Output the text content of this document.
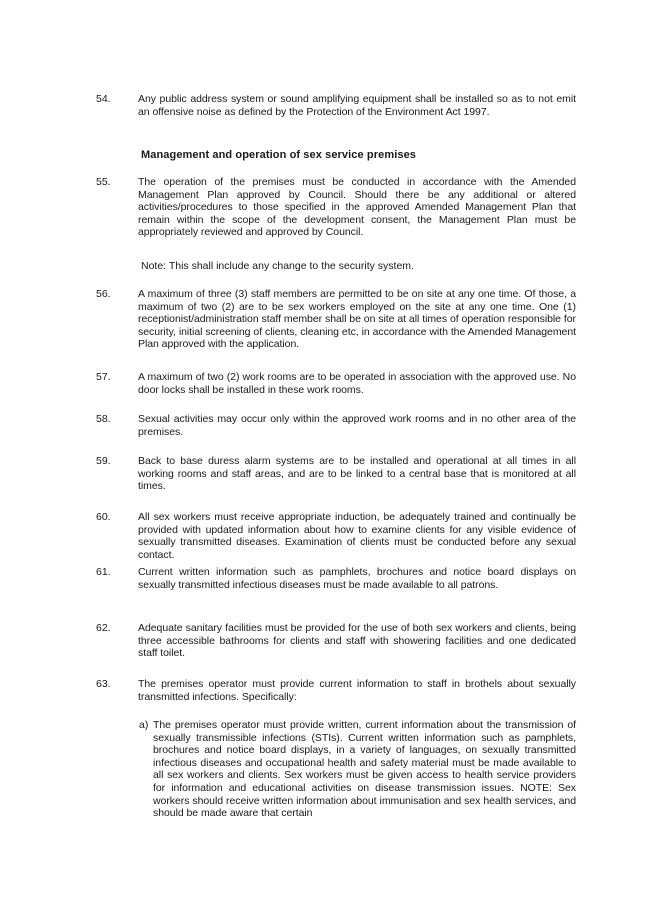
54.	Any public address system or sound amplifying equipment shall be installed so as to not emit an offensive noise as defined by the Protection of the Environment Act 1997.
Management and operation of sex service premises
55.	The operation of the premises must be conducted in accordance with the Amended Management Plan approved by Council. Should there be any additional or altered activities/procedures to those specified in the approved Amended Management Plan that remain within the scope of the development consent, the Management Plan must be appropriately reviewed and approved by Council.
Note: This shall include any change to the security system.
56.	A maximum of three (3) staff members are permitted to be on site at any one time. Of those, a maximum of two (2) are to be sex workers employed on the site at any one time. One (1) receptionist/administration staff member shall be on site at all times of operation responsible for security, initial screening of clients, cleaning etc, in accordance with the Amended Management Plan approved with the application.
57.	A maximum of two (2) work rooms are to be operated in association with the approved use. No door locks shall be installed in these work rooms.
58.	Sexual activities may occur only within the approved work rooms and in no other area of the premises.
59.	Back to base duress alarm systems are to be installed and operational at all times in all working rooms and staff areas, and are to be linked to a central base that is monitored at all times.
60.	All sex workers must receive appropriate induction, be adequately trained and continually be provided with updated information about how to examine clients for any visible evidence of sexually transmitted diseases. Examination of clients must be conducted before any sexual contact.
61.	Current written information such as pamphlets, brochures and notice board displays on sexually transmitted infectious diseases must be made available to all patrons.
62.	Adequate sanitary facilities must be provided for the use of both sex workers and clients, being three accessible bathrooms for clients and staff with showering facilities and one dedicated staff toilet.
63.	The premises operator must provide current information to staff in brothels about sexually transmitted infections. Specifically:
a) The premises operator must provide written, current information about the transmission of sexually transmissible infections (STIs). Current written information such as pamphlets, brochures and notice board displays, in a variety of languages, on sexually transmitted infectious diseases and occupational health and safety material must be made available to all sex workers and clients. Sex workers must be given access to health service providers for information and educational activities on disease transmission issues. NOTE: Sex workers should receive written information about immunisation and sex health services, and should be made aware that certain
